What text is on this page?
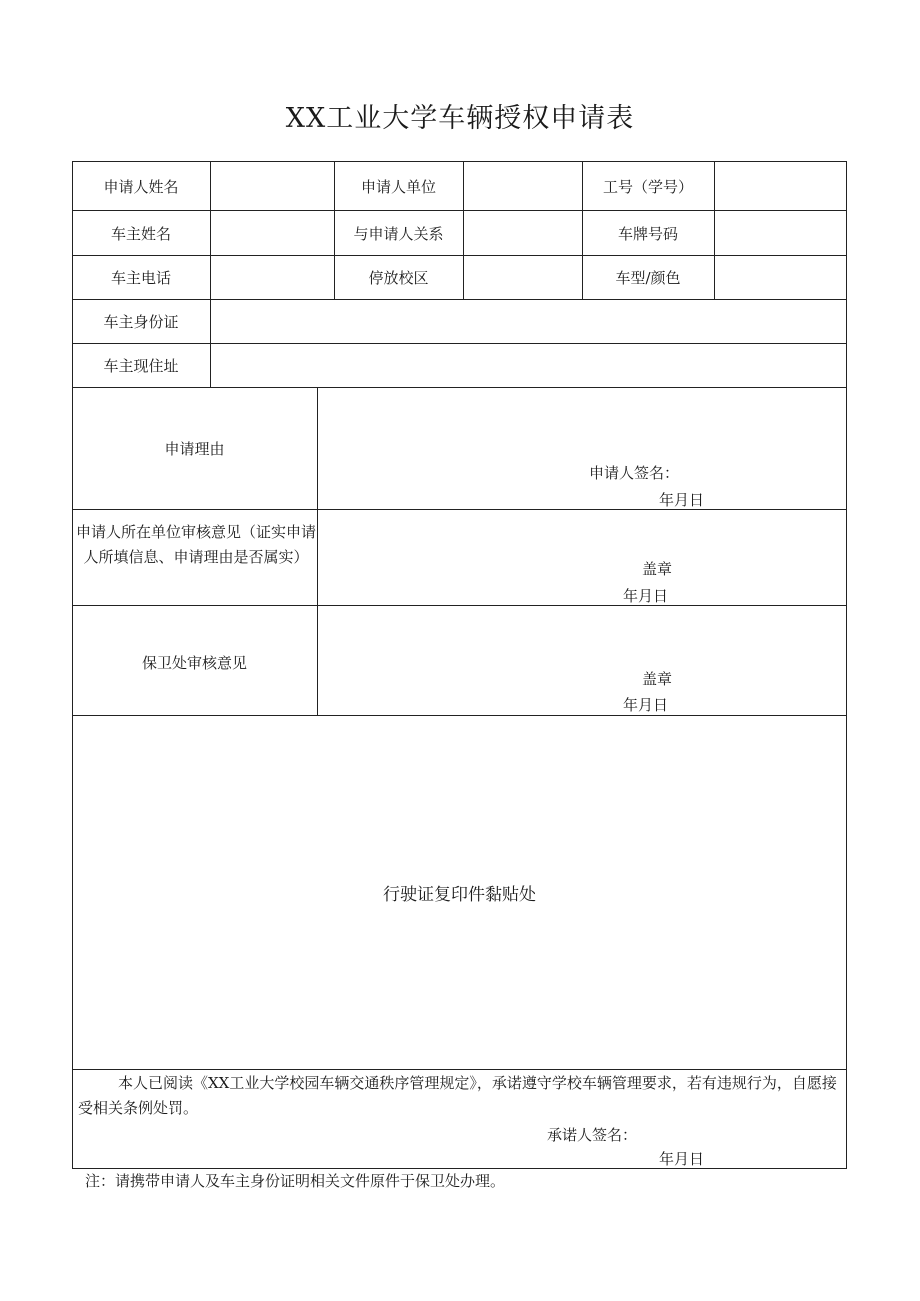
XX工业大学车辆授权申请表
申请人姓名	申请人单位	工号（学号）
车主姓名	与申请人关系	车牌号码
车主电话	停放校区	车型/颜色
车主身份证
车主现住址
申请理由
申请人签名：
年月日
申请人所在单位审核意见（证实申请人所填信息、申请理由是否属实）
盖章
年月日
保卫处审核意见
盖章
年月日
行驶证复印件黏贴处
本人已阅读《XX工业大学校园车辆交通秩序管理规定》，承诺遵守学校车辆管理要求，若有违规行为，自愿接受相关条例处罚。
承诺人签名：
年月日
注：请携带申请人及车主身份证明相关文件原件于保卫处办理。
